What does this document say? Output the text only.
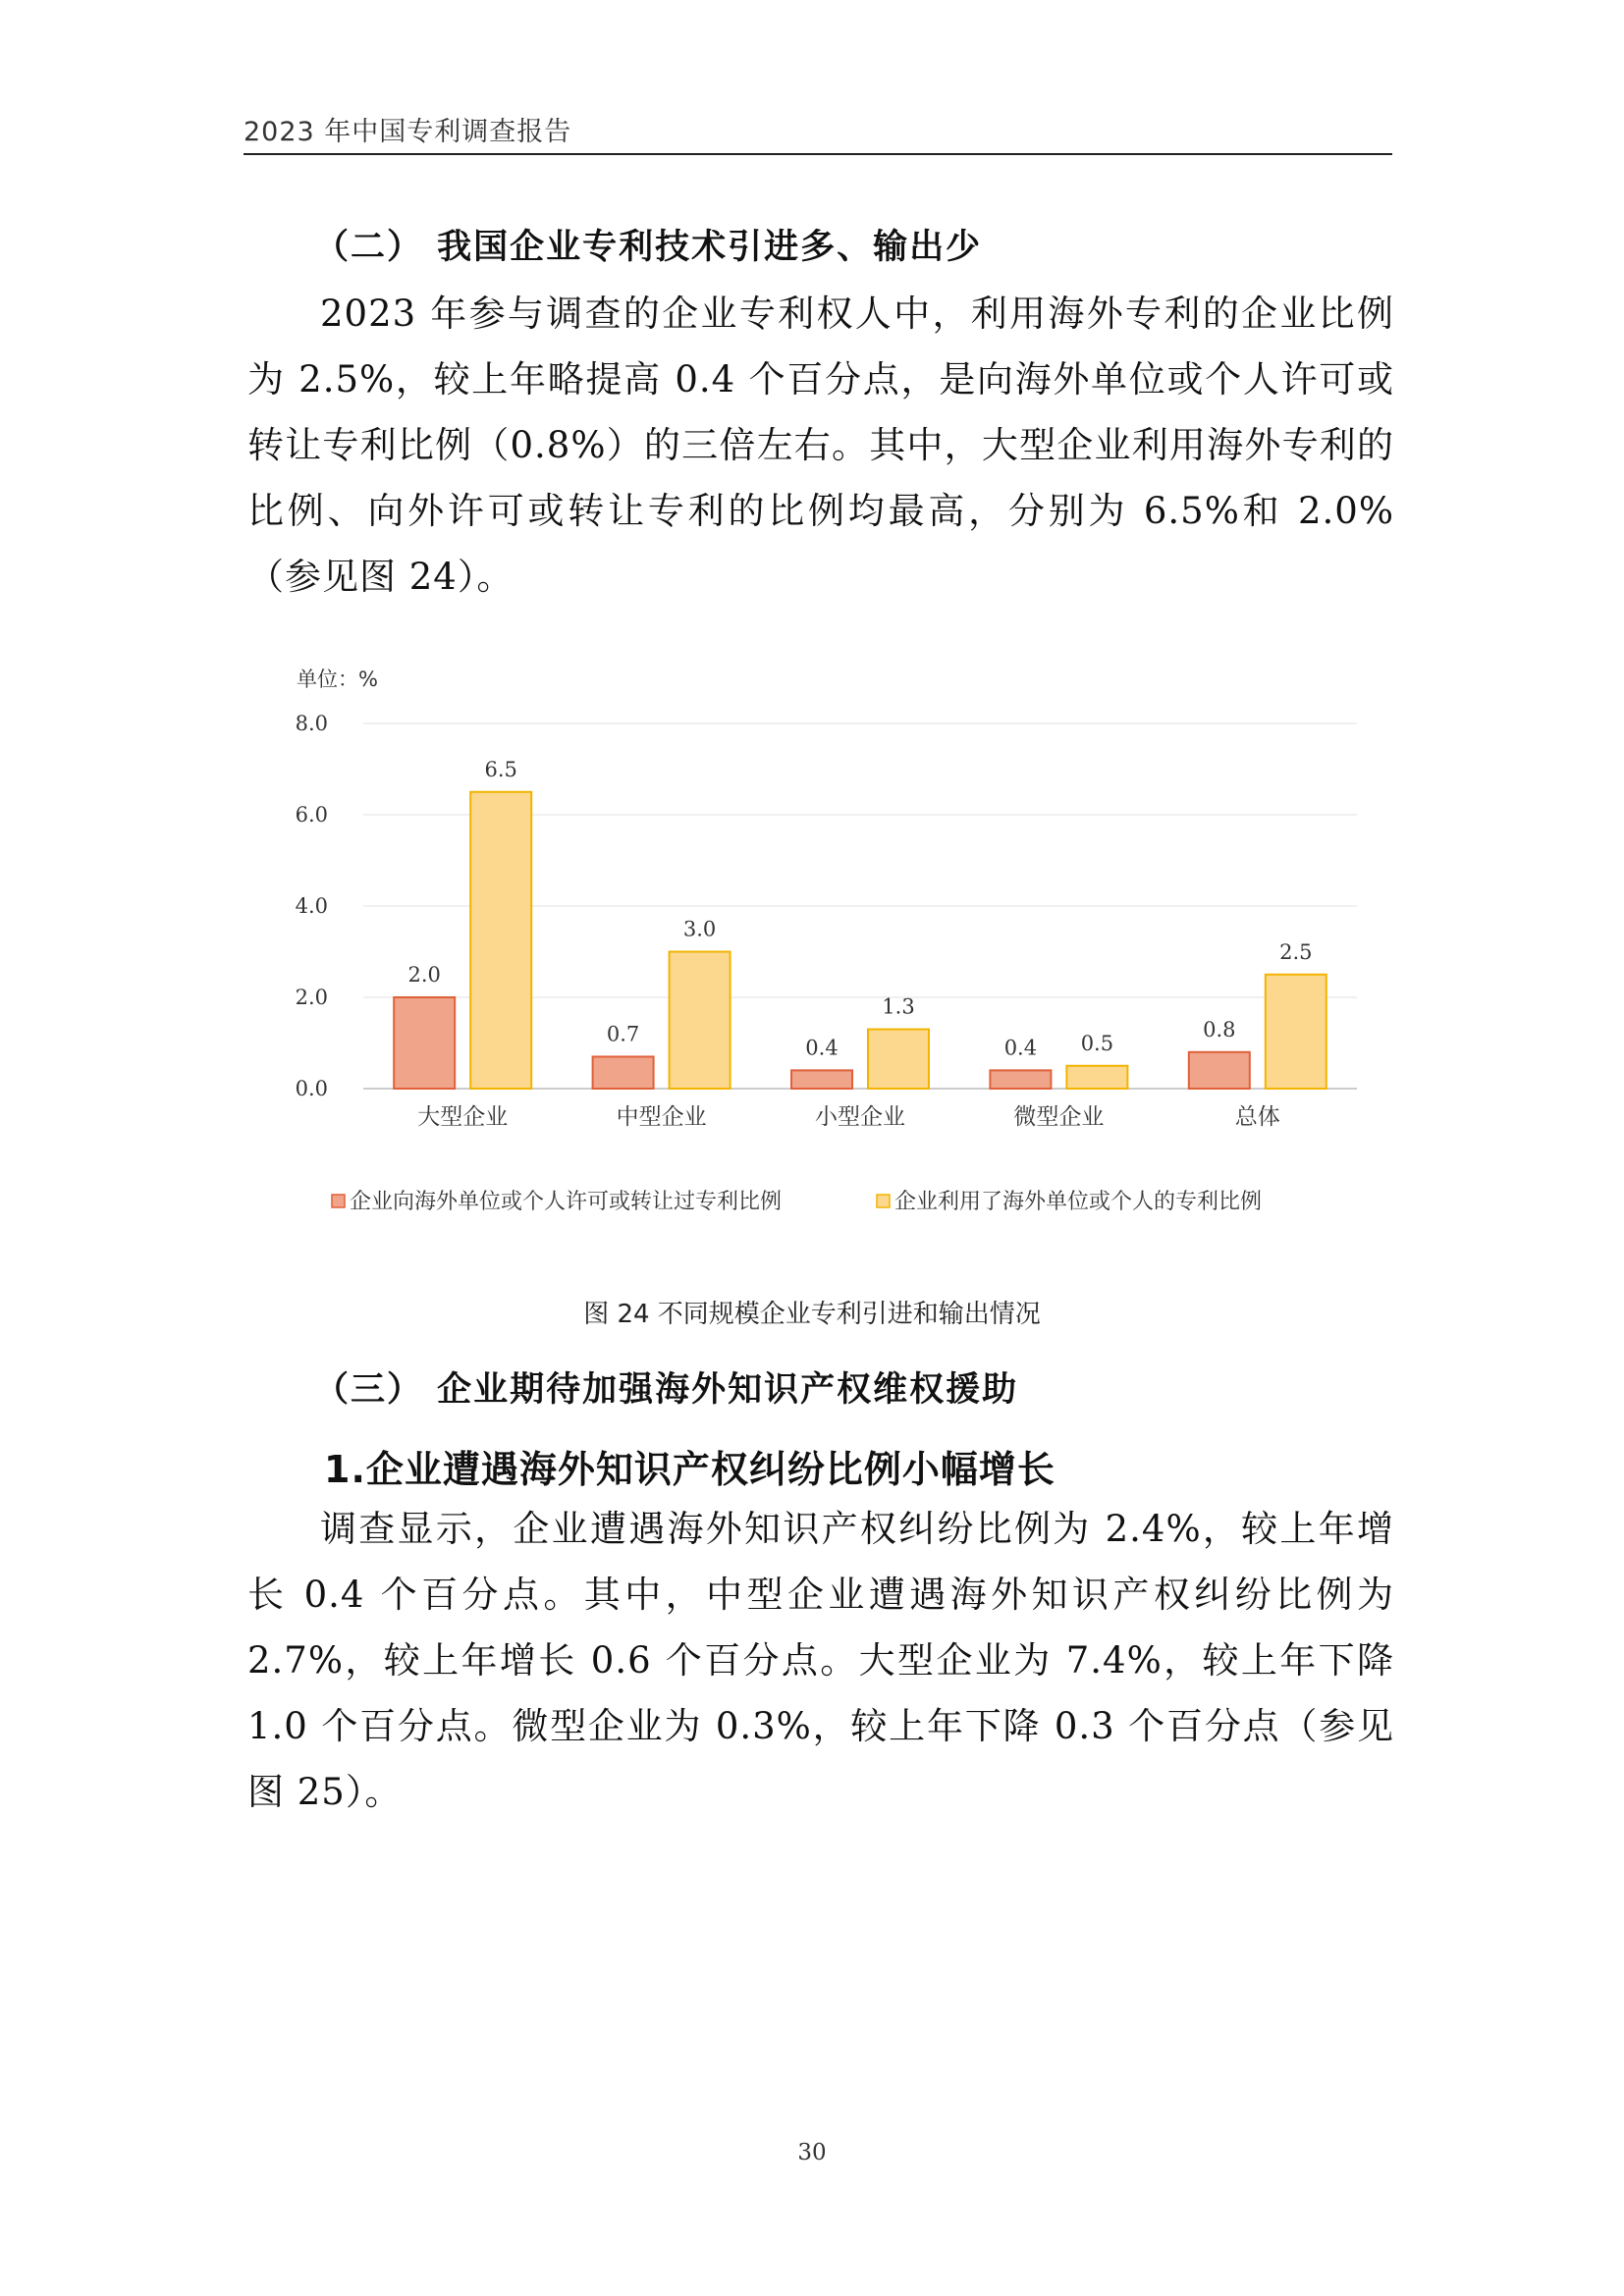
2023 年中国专利调查报告
（二） 我国企业专利技术引进多、输出少
2023 年参与调查的企业专利权人中，利用海外专利的企业比例为 2.5%，较上年略提高 0.4 个百分点，是向海外单位或个人许可或转让专利比例（0.8%）的三倍左右。其中，大型企业利用海外专利的比例、向外许可或转让专利的比例均最高，分别为 6.5%和 2.0%（参见图 24）。
单位：%
0.0
2.0
4.0
6.0
8.0
2.0
6.5
0.7
3.0
0.4
1.3
0.4 0.5
0.8
2.5
大型企业	中型企业	小型企业	微型企业	总体
企业向海外单位或个人许可或转让过专利比例	企业利用了海外单位或个人的专利比例
图 24 不同规模企业专利引进和输出情况
（三） 企业期待加强海外知识产权维权援助
1.企业遭遇海外知识产权纠纷比例小幅增长
调查显示，企业遭遇海外知识产权纠纷比例为 2.4%，较上年增长 0.4 个百分点。其中，中型企业遭遇海外知识产权纠纷比例为 2.7%，较上年增长 0.6 个百分点。大型企业为 7.4%，较上年下降 1.0 个百分点。微型企业为 0.3%，较上年下降 0.3 个百分点（参见图 25）。
30
